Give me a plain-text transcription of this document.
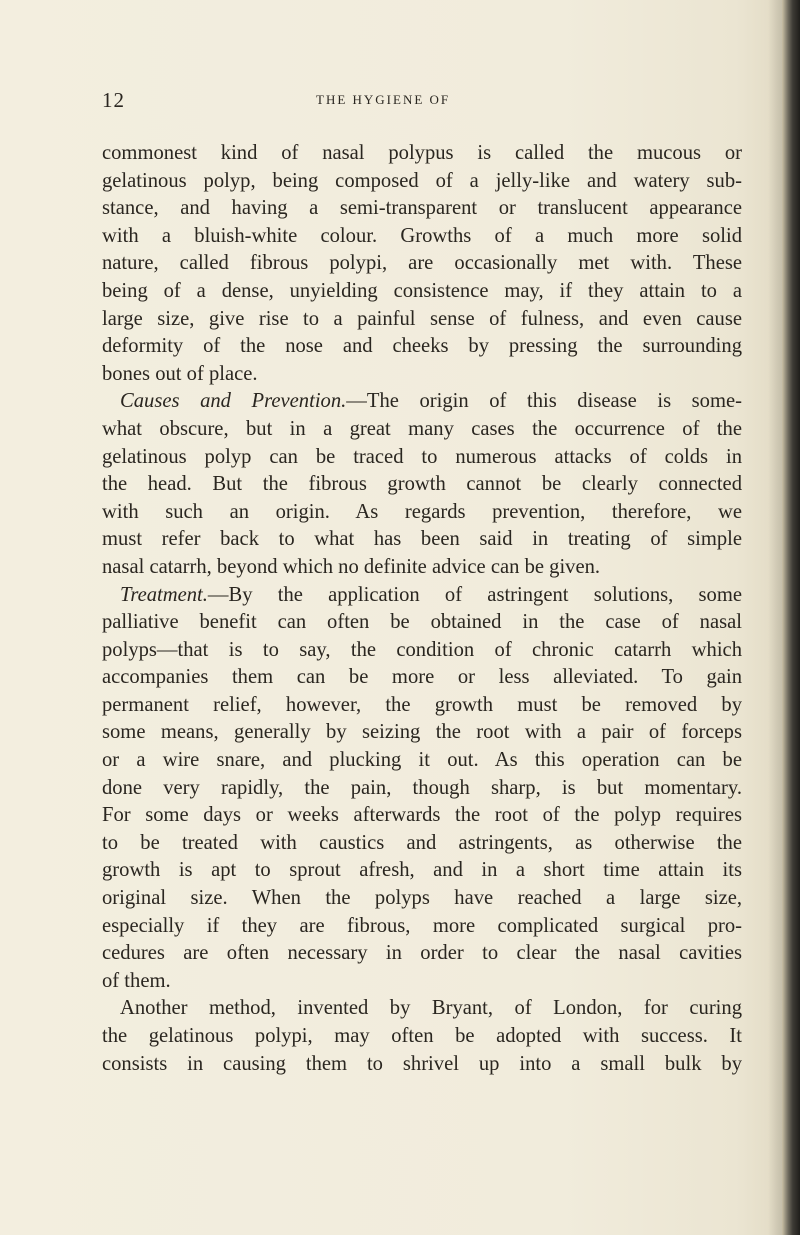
12	THE HYGIENE OF
commonest kind of nasal polypus is called the mucous or
gelatinous polyp, being composed of a jelly-like and watery sub-
stance, and having a semi-transparent or translucent appearance
with a bluish-white colour. Growths of a much more solid
nature, called fibrous polypi, are occasionally met with. These
being of a dense, unyielding consistence may, if they attain to a
large size, give rise to a painful sense of fulness, and even cause
deformity of the nose and cheeks by pressing the surrounding
bones out of place.
Causes and Prevention.—The origin of this disease is some-
what obscure, but in a great many cases the occurrence of the
gelatinous polyp can be traced to numerous attacks of colds in
the head. But the fibrous growth cannot be clearly connected
with such an origin. As regards prevention, therefore, we
must refer back to what has been said in treating of simple
nasal catarrh, beyond which no definite advice can be given.
Treatment.—By the application of astringent solutions, some
palliative benefit can often be obtained in the case of nasal
polyps—that is to say, the condition of chronic catarrh which
accompanies them can be more or less alleviated. To gain
permanent relief, however, the growth must be removed by
some means, generally by seizing the root with a pair of forceps
or a wire snare, and plucking it out. As this operation can be
done very rapidly, the pain, though sharp, is but momentary.
For some days or weeks afterwards the root of the polyp requires
to be treated with caustics and astringents, as otherwise the
growth is apt to sprout afresh, and in a short time attain its
original size. When the polyps have reached a large size,
especially if they are fibrous, more complicated surgical pro-
cedures are often necessary in order to clear the nasal cavities
of them.
Another method, invented by Bryant, of London, for curing
the gelatinous polypi, may often be adopted with success. It
consists in causing them to shrivel up into a small bulk by
